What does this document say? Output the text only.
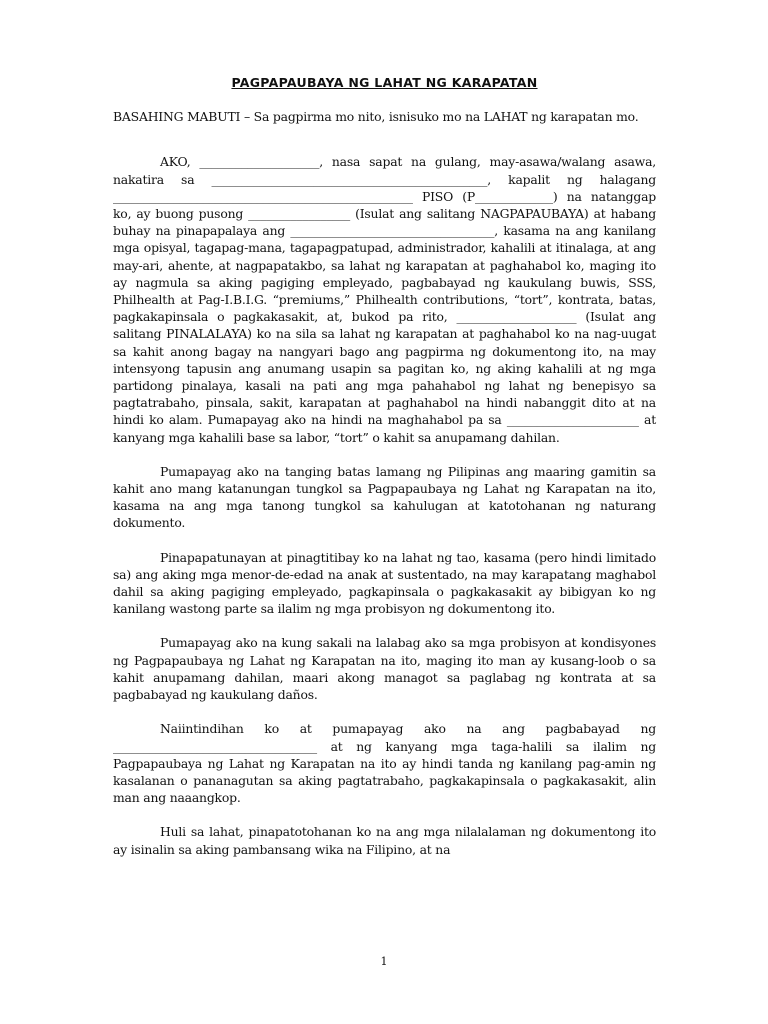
PAGPAPAUBAYA NG LAHAT NG KARAPATAN

BASAHING MABUTI – Sa pagpirma mo nito, isnisuko mo na LAHAT ng karapatan mo.

AKO, ____________________, nasa sapat na gulang, may-asawa/walang asawa, nakatira sa ______________________________________________, kapalit ng halagang __________________________________________________ PISO (P_____________) na natanggap ko, ay buong pusong _________________ (Isulat ang salitang NAGPAPAUBAYA) at habang buhay na pinapapalaya ang __________________________________, kasama na ang kanilang mga opisyal, tagapag-mana, tagapagpatupad, administrador, kahalili at itinalaga, at ang may-ari, ahente, at nagpapatakbo, sa lahat ng karapatan at paghahabol ko, maging ito ay nagmula sa aking pagiging empleyado, pagbabayad ng kaukulang buwis, SSS, Philhealth at Pag-I.B.I.G. “premiums,” Philhealth contributions, “tort”, kontrata, batas, pagkakapinsala o pagkakasakit, at, bukod pa rito, ____________________ (Isulat ang salitang PINALALAYA) ko na sila sa lahat ng karapatan at paghahabol ko na nag-uugat sa kahit anong bagay na nangyari bago ang pagpirma ng dokumentong ito, na may intensyong tapusin ang anumang usapin sa pagitan ko, ng aking kahalili at ng mga partidong pinalaya, kasali na pati ang mga pahahabol ng lahat ng benepisyo sa pagtatrabaho, pinsala, sakit, karapatan at paghahabol na hindi nabanggit dito at na hindi ko alam. Pumapayag ako na hindi na maghahabol pa sa ______________________ at kanyang mga kahalili base sa labor, “tort” o kahit sa anupamang dahilan.

Pumapayag ako na tanging batas lamang ng Pilipinas ang maaring gamitin sa kahit ano mang katanungan tungkol sa Pagpapaubaya ng Lahat ng Karapatan na ito, kasama na ang mga tanong tungkol sa kahulugan at katotohanan ng naturang dokumento.

Pinapapatunayan at pinagtitibay ko na lahat ng tao, kasama (pero hindi limitado sa) ang aking mga menor-de-edad na anak at sustentado, na may karapatang maghabol dahil sa aking pagiging empleyado, pagkapinsala o pagkakasakit ay bibigyan ko ng kanilang wastong parte sa ilalim ng mga probisyon ng dokumentong ito.

Pumapayag ako na kung sakali na lalabag ako sa mga probisyon at kondisyones ng Pagpapaubaya ng Lahat ng Karapatan na ito, maging ito man ay kusang-loob o sa kahit anupamang dahilan, maari akong managot sa paglabag ng kontrata at sa pagbabayad ng kaukulang daños.

Naiintindihan ko at pumapayag ako na ang pagbabayad ng __________________________________ at ng kanyang mga taga-halili sa ilalim ng Pagpapaubaya ng Lahat ng Karapatan na ito ay hindi tanda ng kanilang pag-amin ng kasalanan o pananagutan sa aking pagtatrabaho, pagkakapinsala o pagkakasakit, alin man ang naaangkop.

Huli sa lahat, pinapatotohanan ko na ang mga nilalalaman ng dokumentong ito ay isinalin sa aking pambansang wika na Filipino, at na

1
